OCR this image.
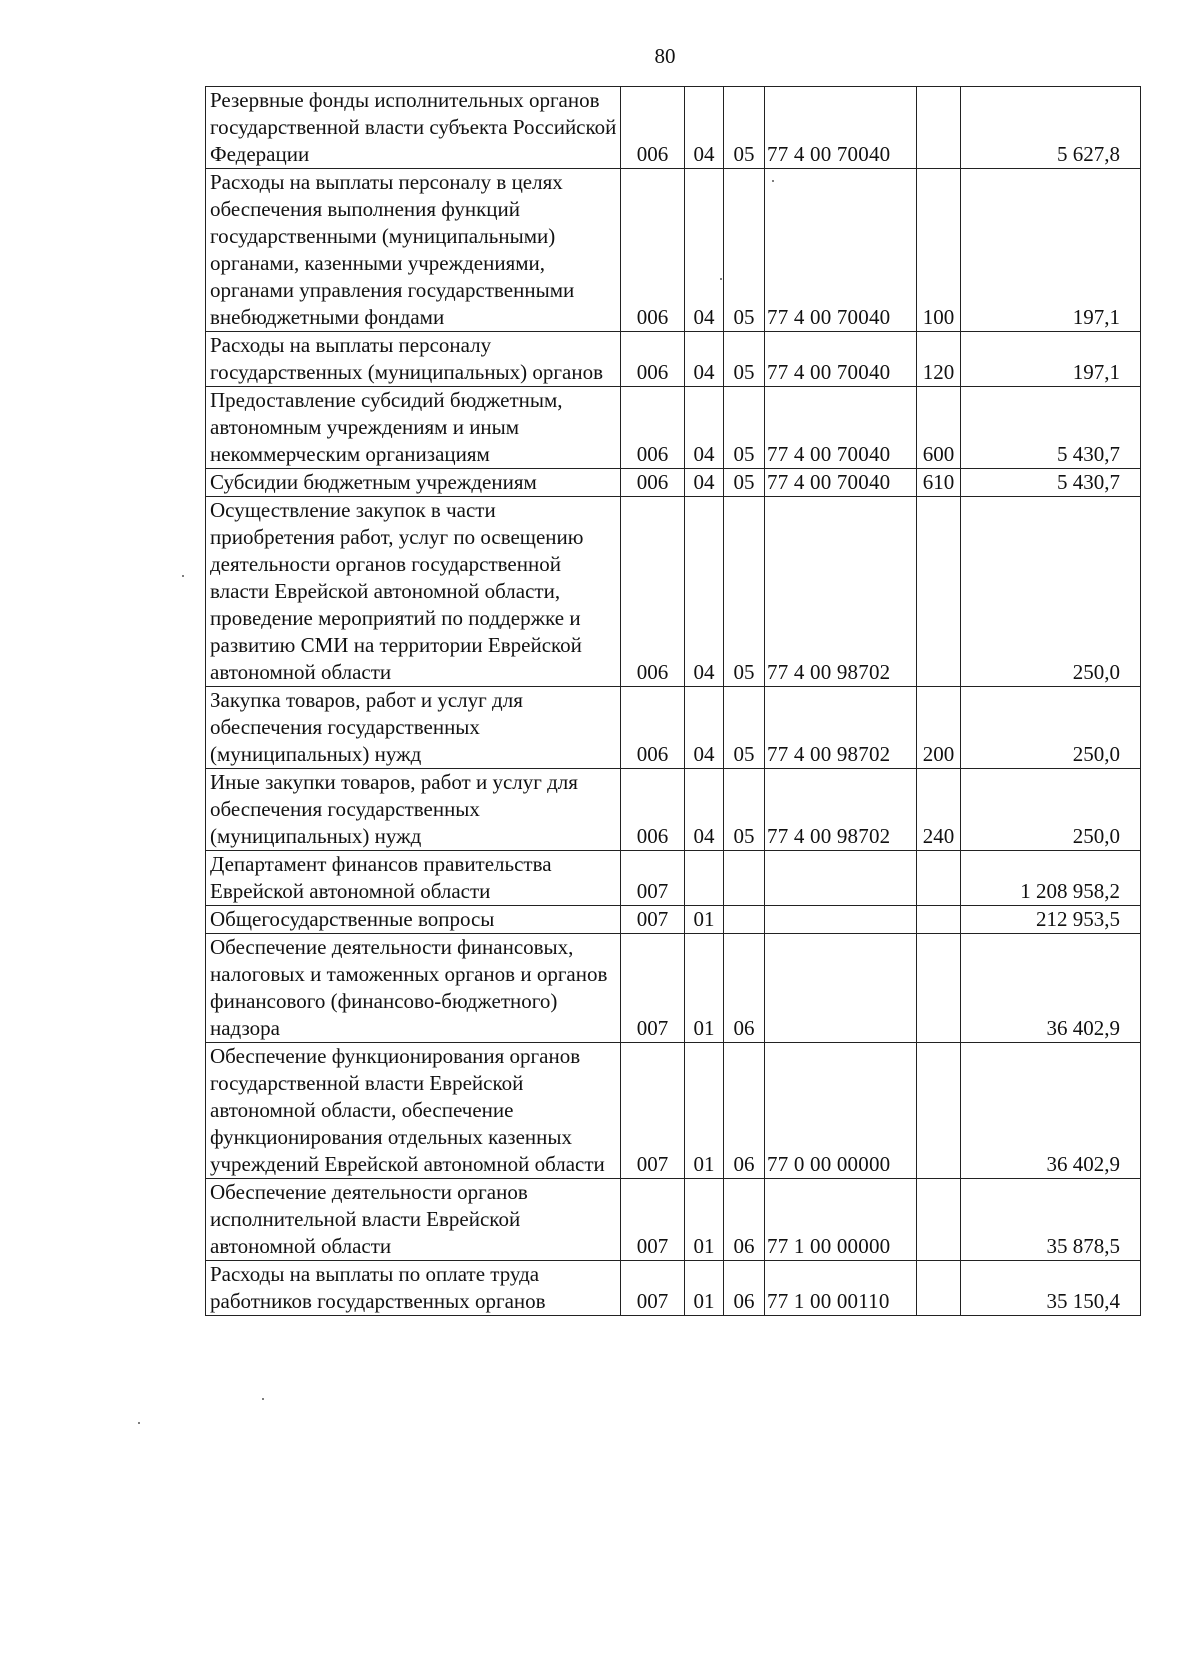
80
Резервные фонды исполнительных органов государственной власти субъекта Российской Федерации	006	04	05	77 4 00 70040		5 627,8
Расходы на выплаты персоналу в целях обеспечения выполнения функций государственными (муниципальными) органами, казенными учреждениями, органами управления государственными внебюджетными фондами	006	04	05	77 4 00 70040	100	197,1
Расходы на выплаты персоналу государственных (муниципальных) органов	006	04	05	77 4 00 70040	120	197,1
Предоставление субсидий бюджетным, автономным учреждениям и иным некоммерческим организациям	006	04	05	77 4 00 70040	600	5 430,7
Субсидии бюджетным учреждениям	006	04	05	77 4 00 70040	610	5 430,7
Осуществление закупок в части приобретения работ, услуг по освещению деятельности органов государственной власти Еврейской автономной области, проведение мероприятий по поддержке и развитию СМИ на территории Еврейской автономной области	006	04	05	77 4 00 98702		250,0
Закупка товаров, работ и услуг для обеспечения государственных (муниципальных) нужд	006	04	05	77 4 00 98702	200	250,0
Иные закупки товаров, работ и услуг для обеспечения государственных (муниципальных) нужд	006	04	05	77 4 00 98702	240	250,0
Департамент финансов правительства Еврейской автономной области	007					1 208 958,2
Общегосударственные вопросы	007	01				212 953,5
Обеспечение деятельности финансовых, налоговых и таможенных органов и органов финансового (финансово-бюджетного) надзора	007	01	06			36 402,9
Обеспечение функционирования органов государственной власти Еврейской автономной области, обеспечение функционирования отдельных казенных учреждений Еврейской автономной области	007	01	06	77 0 00 00000		36 402,9
Обеспечение деятельности органов исполнительной власти Еврейской автономной области	007	01	06	77 1 00 00000		35 878,5
Расходы на выплаты по оплате труда работников государственных органов	007	01	06	77 1 00 00110		35 150,4
